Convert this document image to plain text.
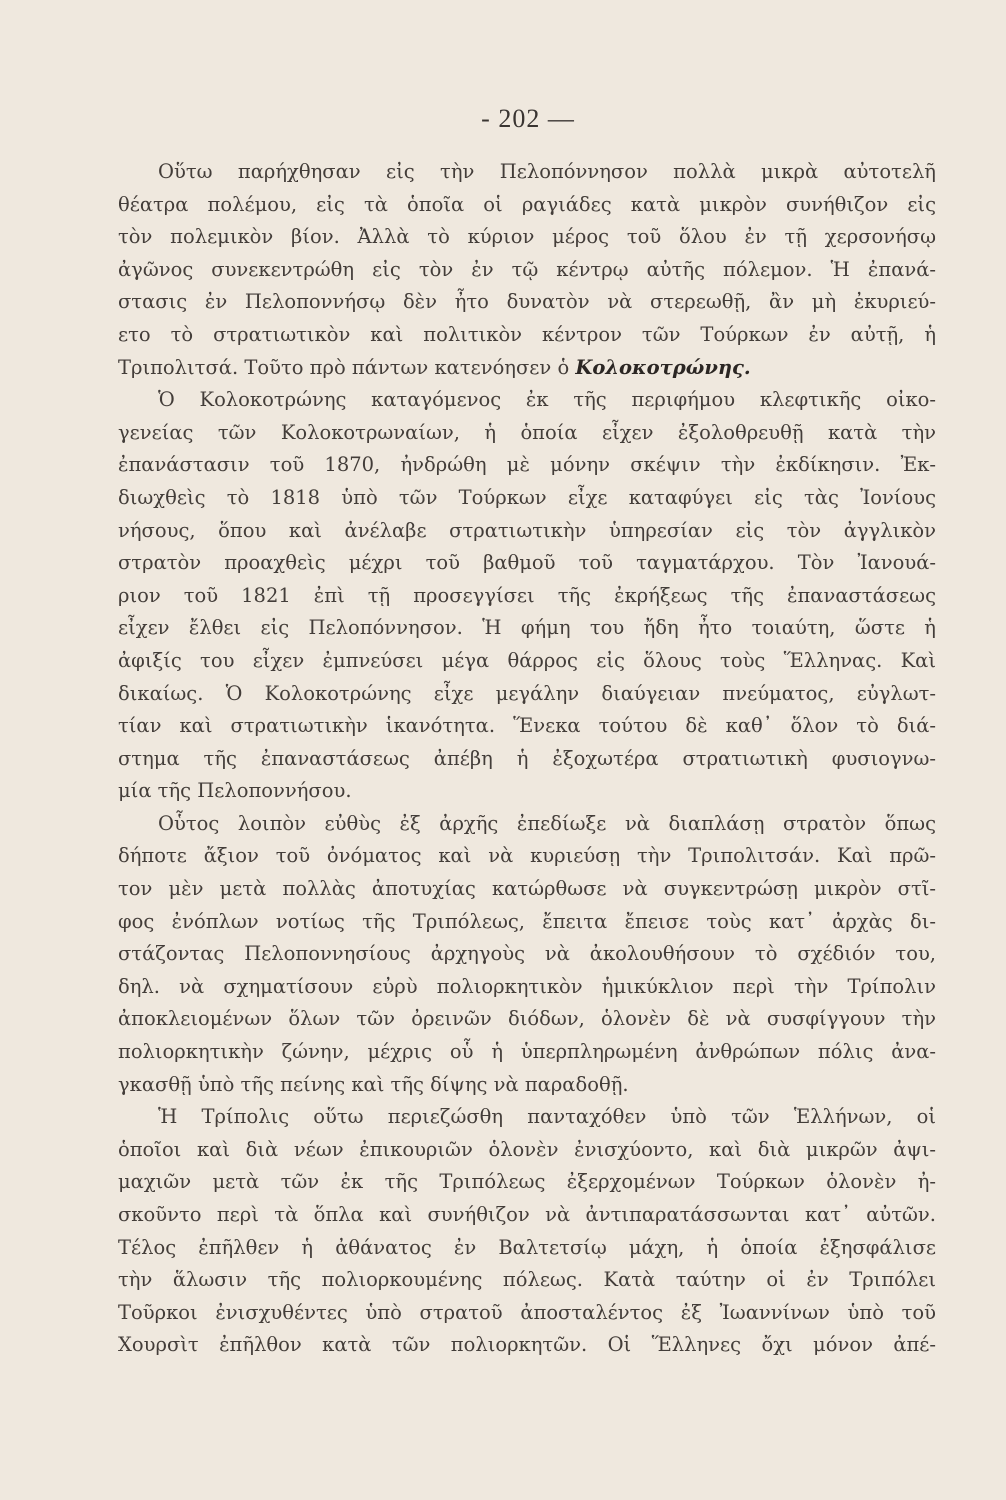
- 202 —
Οὕτω παρήχθησαν εἰς τὴν Πελοπόννησον πολλὰ μικρὰ αὐτοτελῆ
θέατρα πολέμου, εἰς τὰ ὁποῖα οἱ ραγιάδες κατὰ μικρὸν συνήθιζον εἰς
τὸν πολεμικὸν βίον. Ἀλλὰ τὸ κύριον μέρος τοῦ ὅλου ἐν τῇ χερσονήσῳ
ἀγῶνος συνεκεντρώθη εἰς τὸν ἐν τῷ κέντρῳ αὐτῆς πόλεμον. Ἡ ἐπανά-
στασις ἐν Πελοποννήσῳ δὲν ἦτο δυνατὸν νὰ στερεωθῇ, ἂν μὴ ἐκυριεύ-
ετο τὸ στρατιωτικὸν καὶ πολιτικὸν κέντρον τῶν Τούρκων ἐν αὐτῇ, ἡ
Τριπολιτσά. Τοῦτο πρὸ πάντων κατενόησεν ὁ Κολοκοτρώνης.
Ὁ Κολοκοτρώνης καταγόμενος ἐκ τῆς περιφήμου κλεφτικῆς οἰκο-
γενείας τῶν Κολοκοτρωναίων, ἡ ὁποία εἶχεν ἐξολοθρευθῇ κατὰ τὴν
ἐπανάστασιν τοῦ 1870, ἠνδρώθη μὲ μόνην σκέψιν τὴν ἐκδίκησιν. Ἐκ-
διωχθεὶς τὸ 1818 ὑπὸ τῶν Τούρκων εἶχε καταφύγει εἰς τὰς Ἰονίους
νήσους, ὅπου καὶ ἀνέλαβε στρατιωτικὴν ὑπηρεσίαν εἰς τὸν ἀγγλικὸν
στρατὸν προαχθεὶς μέχρι τοῦ βαθμοῦ τοῦ ταγματάρχου. Τὸν Ἰανουά-
ριον τοῦ 1821 ἐπὶ τῇ προσεγγίσει τῆς ἐκρήξεως τῆς ἐπαναστάσεως
εἶχεν ἔλθει εἰς Πελοπόννησον. Ἡ φήμη του ἤδη ἦτο τοιαύτη, ὥστε ἡ
ἀφιξίς του εἶχεν ἐμπνεύσει μέγα θάρρος εἰς ὅλους τοὺς Ἕλληνας. Καὶ
δικαίως. Ὁ Κολοκοτρώνης εἶχε μεγάλην διαύγειαν πνεύματος, εὐγλωτ-
τίαν καὶ στρατιωτικὴν ἱκανότητα. Ἕνεκα τούτου δὲ καθ᾽ ὅλον τὸ διά-
στημα τῆς ἐπαναστάσεως ἀπέβη ἡ ἐξοχωτέρα στρατιωτικὴ φυσιογνω-
μία τῆς Πελοποννήσου.
Οὗτος λοιπὸν εὐθὺς ἐξ ἀρχῆς ἐπεδίωξε νὰ διαπλάσῃ στρατὸν ὅπως
δήποτε ἄξιον τοῦ ὀνόματος καὶ νὰ κυριεύσῃ τὴν Τριπολιτσάν. Καὶ πρῶ-
τον μὲν μετὰ πολλὰς ἀποτυχίας κατώρθωσε νὰ συγκεντρώσῃ μικρὸν στῖ-
φος ἐνόπλων νοτίως τῆς Τριπόλεως, ἔπειτα ἔπεισε τοὺς κατ᾽ ἀρχὰς δι-
στάζοντας Πελοποννησίους ἀρχηγοὺς νὰ ἀκολουθήσουν τὸ σχέδιόν του,
δηλ. νὰ σχηματίσουν εὐρὺ πολιορκητικὸν ἡμικύκλιον περὶ τὴν Τρίπολιν
ἀποκλειομένων ὅλων τῶν ὀρεινῶν διόδων, ὁλονὲν δὲ νὰ συσφίγγουν τὴν
πολιορκητικὴν ζώνην, μέχρις οὗ ἡ ὑπερπληρωμένη ἀνθρώπων πόλις ἀνα-
γκασθῇ ὑπὸ τῆς πείνης καὶ τῆς δίψης νὰ παραδοθῇ.
Ἡ Τρίπολις οὕτω περιεζώσθη πανταχόθεν ὑπὸ τῶν Ἑλλήνων, οἱ
ὁποῖοι καὶ διὰ νέων ἐπικουριῶν ὁλονὲν ἐνισχύοντο, καὶ διὰ μικρῶν ἀψι-
μαχιῶν μετὰ τῶν ἐκ τῆς Τριπόλεως ἐξερχομένων Τούρκων ὁλονὲν ἠ-
σκοῦντο περὶ τὰ ὅπλα καὶ συνήθιζον νὰ ἀντιπαρατάσσωνται κατ᾽ αὐτῶν.
Τέλος ἐπῆλθεν ἡ ἀθάνατος ἐν Βαλτετσίῳ μάχη, ἡ ὁποία ἐξησφάλισε
τὴν ἅλωσιν τῆς πολιορκουμένης πόλεως. Κατὰ ταύτην οἱ ἐν Τριπόλει
Τοῦρκοι ἐνισχυθέντες ὑπὸ στρατοῦ ἀποσταλέντος ἐξ Ἰωαννίνων ὑπὸ τοῦ
Χουρσὶτ ἐπῆλθον κατὰ τῶν πολιορκητῶν. Οἱ Ἕλληνες ὄχι μόνον ἀπέ-
